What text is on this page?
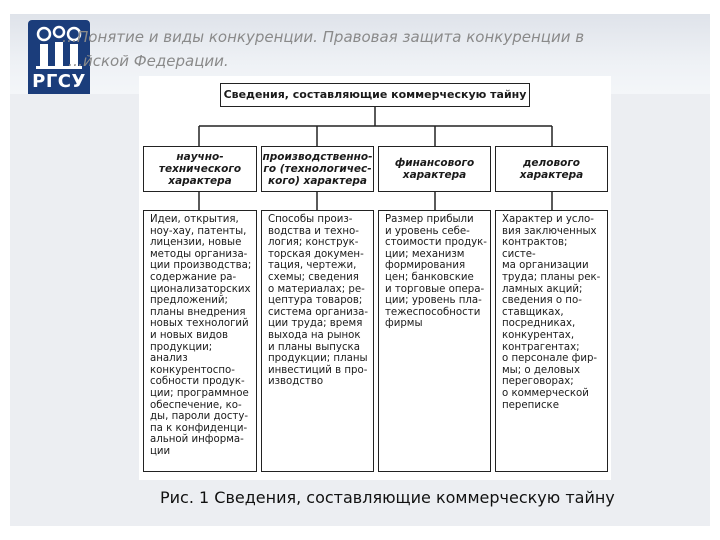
РГСУ
…Понятие и виды конкуренции. Правовая защита конкуренции в
…йской Федерации.
Сведения, составляющие коммерческую тайну
научно-
технического
характера
производственно-
го (технологичес-
кого) характера
финансового
характера
делового
характера
Идеи, открытия,
ноу-хау, патенты,
лицензии, новые
методы организа-
ции производства;
содержание ра-
ционализаторских
предложений;
планы внедрения
новых технологий
и новых видов
продукции; анализ
конкурентоспо-
собности продук-
ции; программное
обеспечение, ко-
ды, пароли досту-
па к конфиденци-
альной информа-
ции
Способы произ-
водства и техно-
логия; конструк-
торская докумен-
тация, чертежи,
схемы; сведения
о материалах; ре-
цептура товаров;
система организа-
ции труда; время
выхода на рынок
и планы выпуска
продукции; планы
инвестиций в про-
изводство
Размер прибыли
и уровень себе-
стоимости продук-
ции; механизм
формирования
цен; банковские
и торговые опера-
ции; уровень пла-
тежеспособности
фирмы
Характер и усло-
вия заключенных
контрактов; систе-
ма организации
труда; планы рек-
ламных акций;
сведения о по-
ставщиках,
посредниках,
конкурентах,
контрагентах;
о персонале фир-
мы; о деловых
переговорах;
о коммерческой
переписке
Рис. 1 Сведения, составляющие коммерческую тайну
